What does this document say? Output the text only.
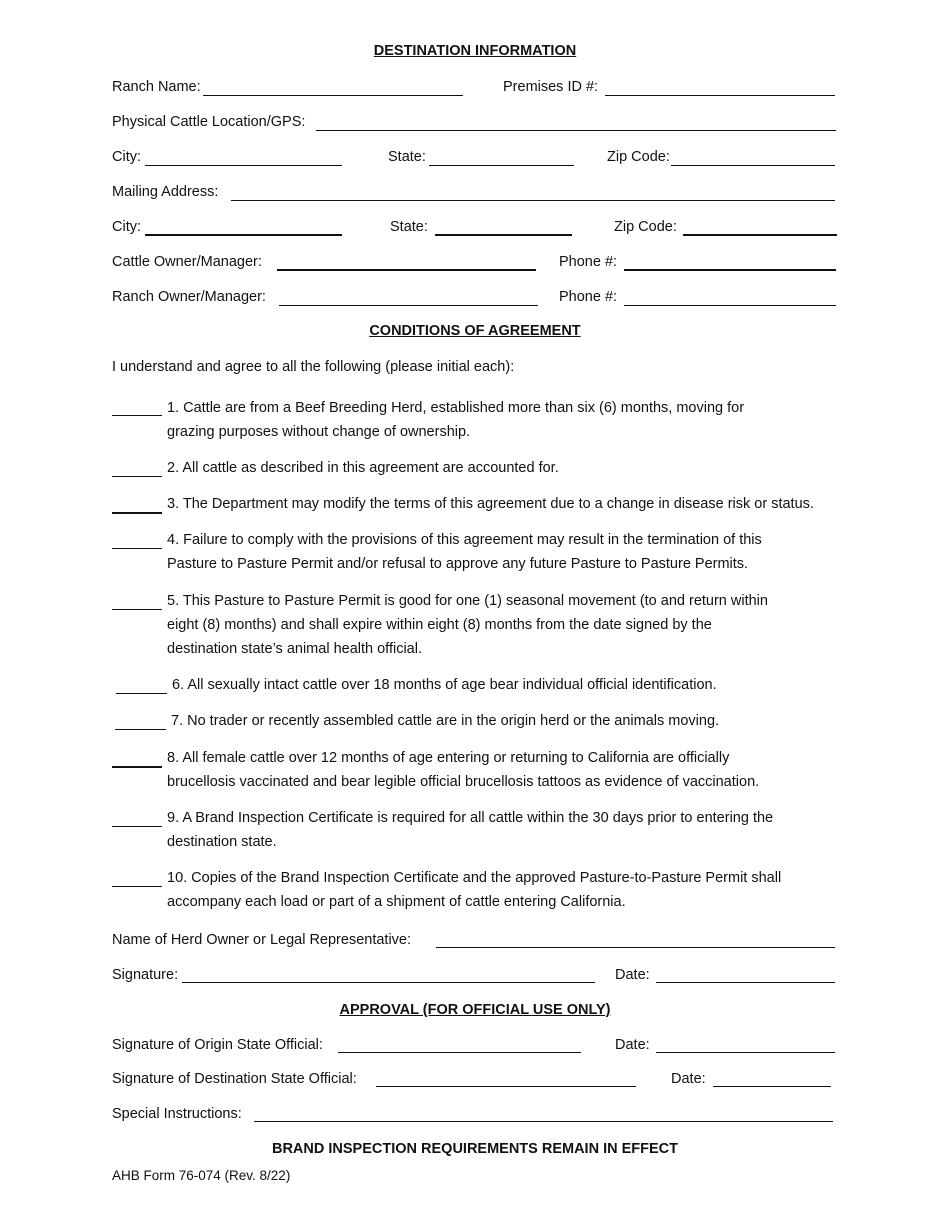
DESTINATION INFORMATION
Ranch Name:	Premises ID #:
Physical Cattle Location/GPS:
City:	State:	Zip Code:
Mailing Address:
City:	State:	Zip Code:
Cattle Owner/Manager:	Phone #:
Ranch Owner/Manager:	Phone #:
CONDITIONS OF AGREEMENT
I understand and agree to all the following (please initial each):

1. Cattle are from a Beef Breeding Herd, established more than six (6) months, moving for

grazing purposes without change of ownership.

2. All cattle as described in this agreement are accounted for.

3. The Department may modify the terms of this agreement due to a change in disease risk or status.

4. Failure to comply with the provisions of this agreement may result in the termination of this

Pasture to Pasture Permit and/or refusal to approve any future Pasture to Pasture Permits.

5. This Pasture to Pasture Permit is good for one (1) seasonal movement (to and return within

eight (8) months) and shall expire within eight (8) months from the date signed by the

destination state’s animal health official.

6. All sexually intact cattle over 18 months of age bear individual official identification.

7. No trader or recently assembled cattle are in the origin herd or the animals moving.

8. All female cattle over 12 months of age entering or returning to California are officially

brucellosis vaccinated and bear legible official brucellosis tattoos as evidence of vaccination.

9. A Brand Inspection Certificate is required for all cattle within the 30 days prior to entering the

destination state.

10. Copies of the Brand Inspection Certificate and the approved Pasture-to-Pasture Permit shall

accompany each load or part of a shipment of cattle entering California.

Name of Herd Owner or Legal Representative:
Signature:	Date:
APPROVAL (FOR OFFICIAL USE ONLY)
Signature of Origin State Official:	Date:
Signature of Destination State Official:	Date:
Special Instructions:
BRAND INSPECTION REQUIREMENTS REMAIN IN EFFECT
AHB Form 76-074 (Rev. 8/22)
